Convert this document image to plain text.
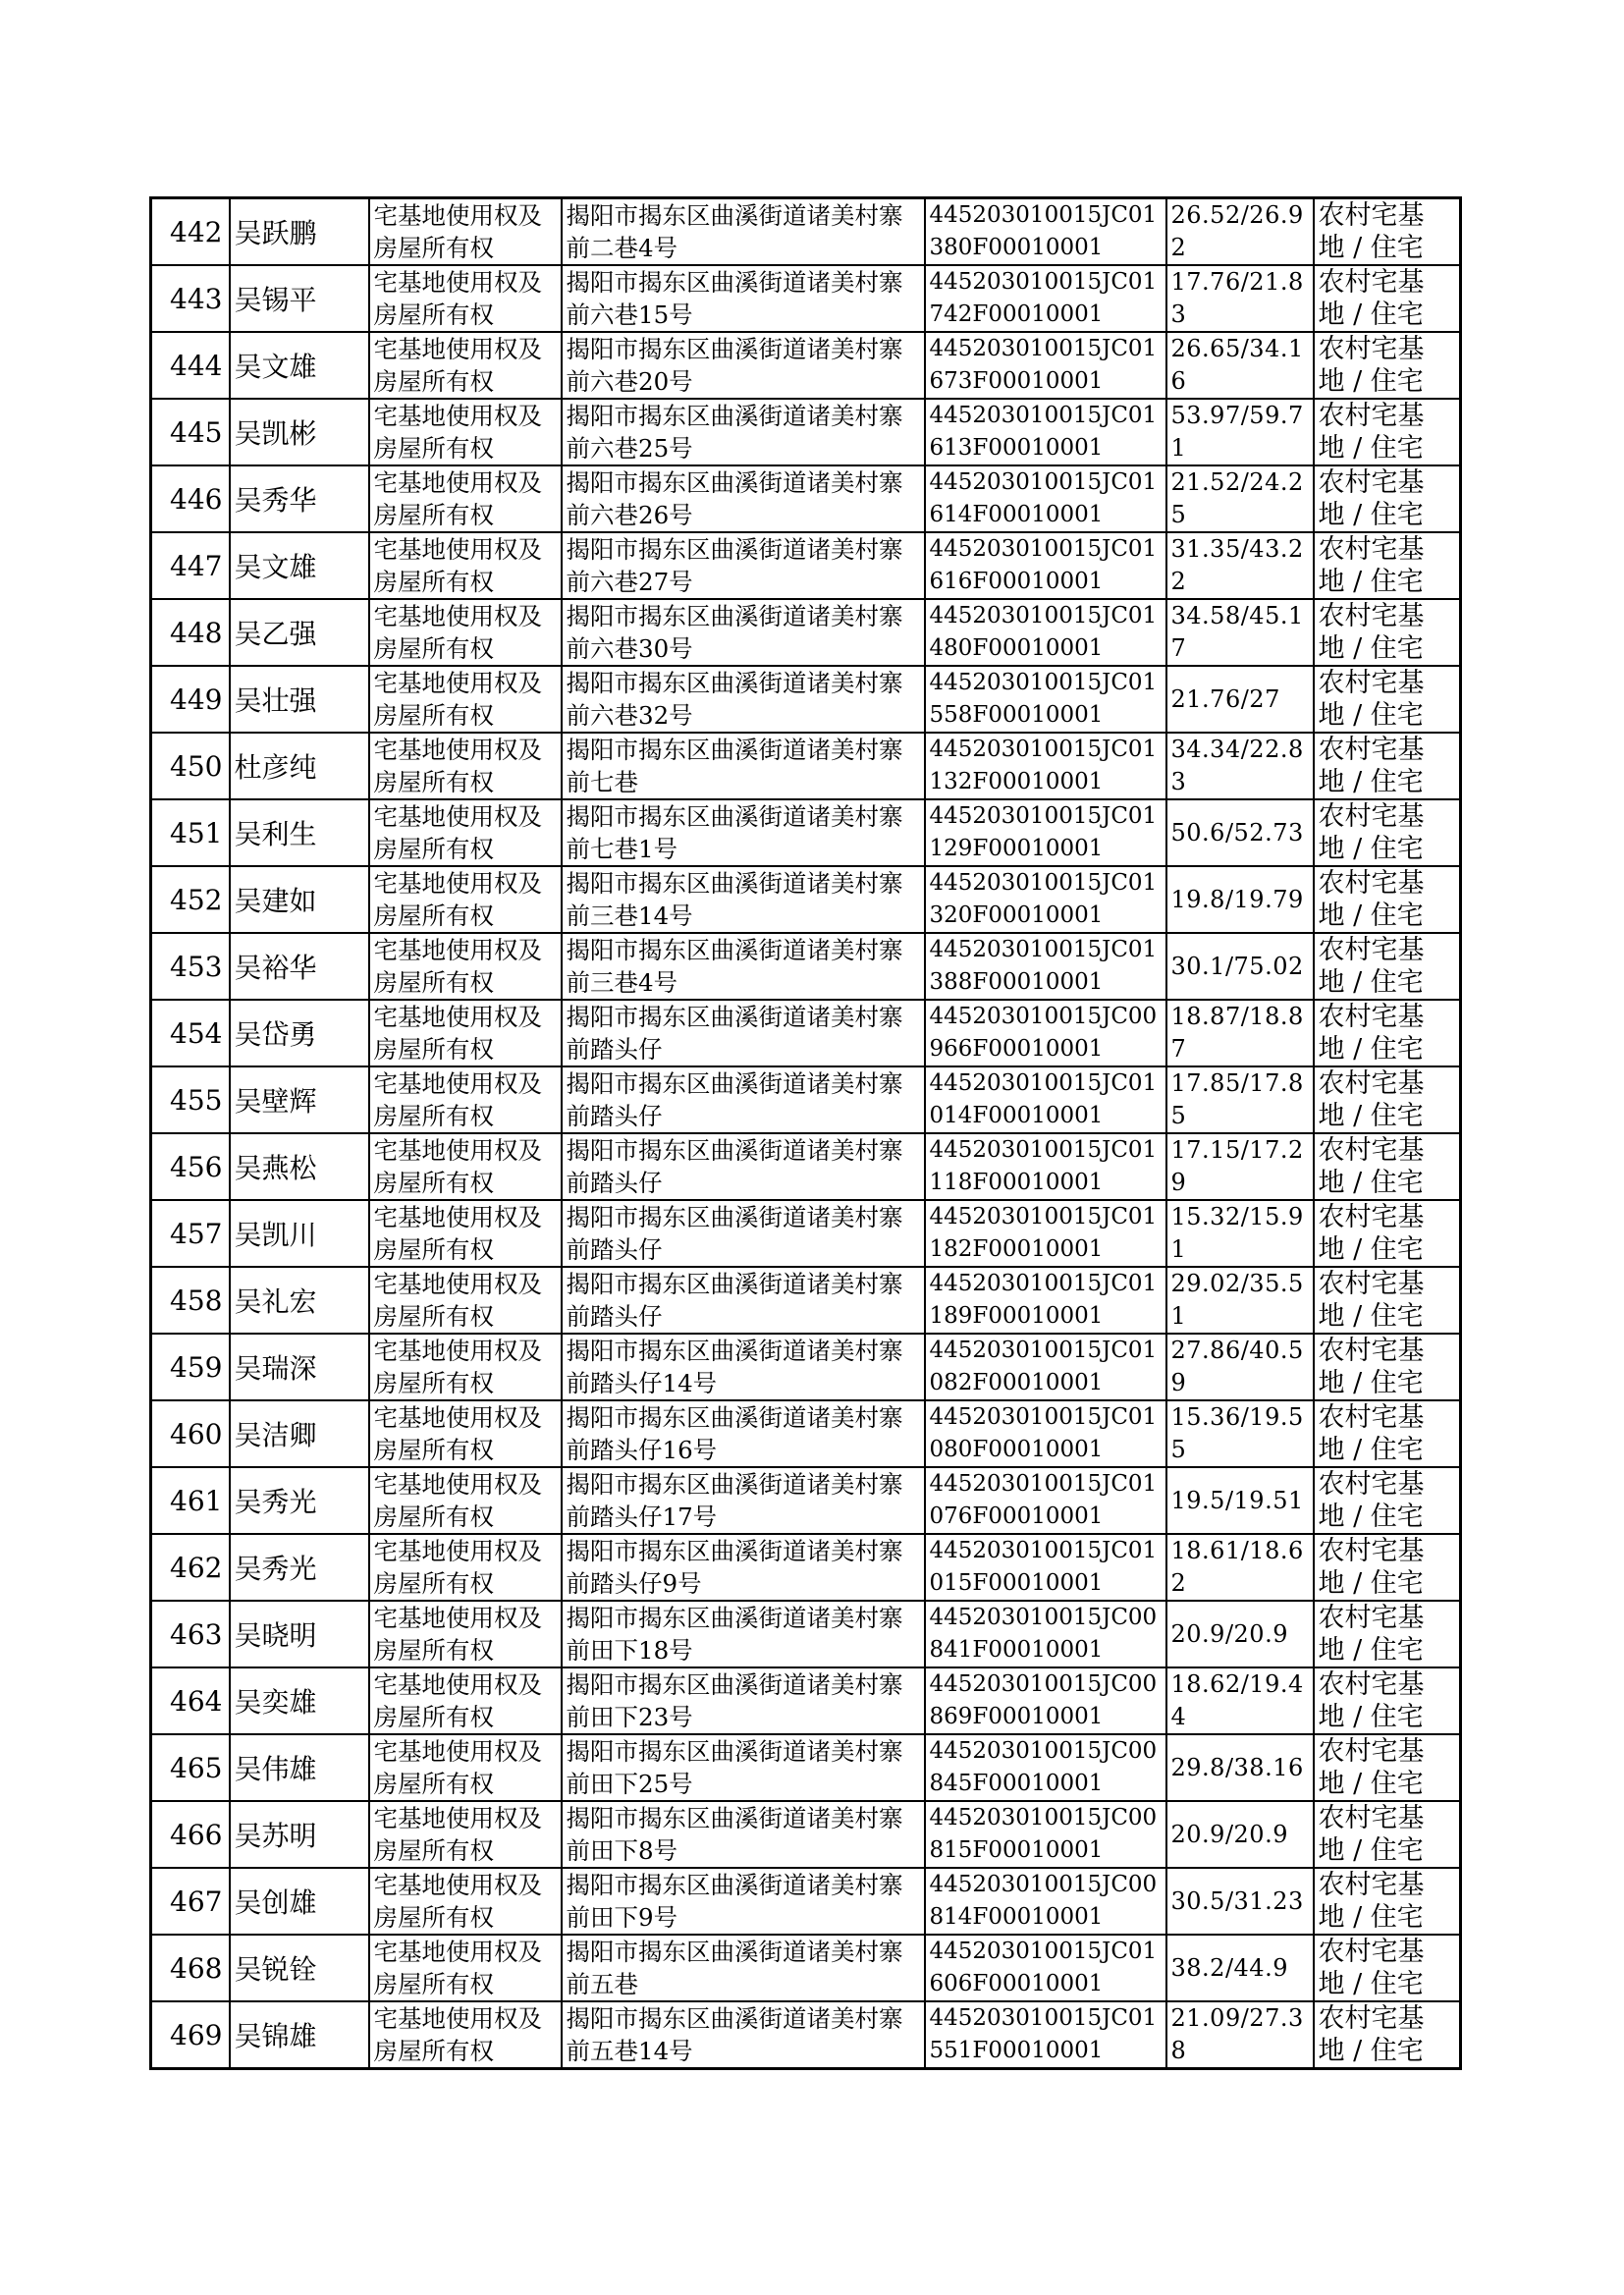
442	吴跃鹏	宅基地使用权及房屋所有权	揭阳市揭东区曲溪街道诸美村寨前二巷4号	445203010015JC01380F00010001	26.52/26.92	农村宅基
地 / 住宅

443	吴锡平	宅基地使用权及房屋所有权	揭阳市揭东区曲溪街道诸美村寨前六巷15号	445203010015JC01742F00010001	17.76/21.83	农村宅基
地 / 住宅

444	吴文雄	宅基地使用权及房屋所有权	揭阳市揭东区曲溪街道诸美村寨前六巷20号	445203010015JC01673F00010001	26.65/34.16	农村宅基
地 / 住宅

445	吴凯彬	宅基地使用权及房屋所有权	揭阳市揭东区曲溪街道诸美村寨前六巷25号	445203010015JC01613F00010001	53.97/59.71	农村宅基
地 / 住宅

446	吴秀华	宅基地使用权及房屋所有权	揭阳市揭东区曲溪街道诸美村寨前六巷26号	445203010015JC01614F00010001	21.52/24.25	农村宅基
地 / 住宅

447	吴文雄	宅基地使用权及房屋所有权	揭阳市揭东区曲溪街道诸美村寨前六巷27号	445203010015JC01616F00010001	31.35/43.22	农村宅基
地 / 住宅

448	吴乙强	宅基地使用权及房屋所有权	揭阳市揭东区曲溪街道诸美村寨前六巷30号	445203010015JC01480F00010001	34.58/45.17	农村宅基
地 / 住宅

449	吴壮强	宅基地使用权及房屋所有权	揭阳市揭东区曲溪街道诸美村寨前六巷32号	445203010015JC01558F00010001	21.76/27	农村宅基
地 / 住宅

450	杜彦纯	宅基地使用权及房屋所有权	揭阳市揭东区曲溪街道诸美村寨前七巷	445203010015JC01132F00010001	34.34/22.83	农村宅基
地 / 住宅

451	吴利生	宅基地使用权及房屋所有权	揭阳市揭东区曲溪街道诸美村寨前七巷1号	445203010015JC01129F00010001	50.6/52.73	农村宅基
地 / 住宅

452	吴建如	宅基地使用权及房屋所有权	揭阳市揭东区曲溪街道诸美村寨前三巷14号	445203010015JC01320F00010001	19.8/19.79	农村宅基
地 / 住宅

453	吴裕华	宅基地使用权及房屋所有权	揭阳市揭东区曲溪街道诸美村寨前三巷4号	445203010015JC01388F00010001	30.1/75.02	农村宅基
地 / 住宅

454	吴岱勇	宅基地使用权及房屋所有权	揭阳市揭东区曲溪街道诸美村寨前踏头仔	445203010015JC00966F00010001	18.87/18.87	农村宅基
地 / 住宅

455	吴壁辉	宅基地使用权及房屋所有权	揭阳市揭东区曲溪街道诸美村寨前踏头仔	445203010015JC01014F00010001	17.85/17.85	农村宅基
地 / 住宅

456	吴燕松	宅基地使用权及房屋所有权	揭阳市揭东区曲溪街道诸美村寨前踏头仔	445203010015JC01118F00010001	17.15/17.29	农村宅基
地 / 住宅

457	吴凯川	宅基地使用权及房屋所有权	揭阳市揭东区曲溪街道诸美村寨前踏头仔	445203010015JC01182F00010001	15.32/15.91	农村宅基
地 / 住宅

458	吴礼宏	宅基地使用权及房屋所有权	揭阳市揭东区曲溪街道诸美村寨前踏头仔	445203010015JC01189F00010001	29.02/35.51	农村宅基
地 / 住宅

459	吴瑞深	宅基地使用权及房屋所有权	揭阳市揭东区曲溪街道诸美村寨前踏头仔14号	445203010015JC01082F00010001	27.86/40.59	农村宅基
地 / 住宅

460	吴洁卿	宅基地使用权及房屋所有权	揭阳市揭东区曲溪街道诸美村寨前踏头仔16号	445203010015JC01080F00010001	15.36/19.55	农村宅基
地 / 住宅

461	吴秀光	宅基地使用权及房屋所有权	揭阳市揭东区曲溪街道诸美村寨前踏头仔17号	445203010015JC01076F00010001	19.5/19.51	农村宅基
地 / 住宅

462	吴秀光	宅基地使用权及房屋所有权	揭阳市揭东区曲溪街道诸美村寨前踏头仔9号	445203010015JC01015F00010001	18.61/18.62	农村宅基
地 / 住宅

463	吴晓明	宅基地使用权及房屋所有权	揭阳市揭东区曲溪街道诸美村寨前田下18号	445203010015JC00841F00010001	20.9/20.9	农村宅基
地 / 住宅

464	吴奕雄	宅基地使用权及房屋所有权	揭阳市揭东区曲溪街道诸美村寨前田下23号	445203010015JC00869F00010001	18.62/19.44	农村宅基
地 / 住宅

465	吴伟雄	宅基地使用权及房屋所有权	揭阳市揭东区曲溪街道诸美村寨前田下25号	445203010015JC00845F00010001	29.8/38.16	农村宅基
地 / 住宅

466	吴苏明	宅基地使用权及房屋所有权	揭阳市揭东区曲溪街道诸美村寨前田下8号	445203010015JC00815F00010001	20.9/20.9	农村宅基
地 / 住宅

467	吴创雄	宅基地使用权及房屋所有权	揭阳市揭东区曲溪街道诸美村寨前田下9号	445203010015JC00814F00010001	30.5/31.23	农村宅基
地 / 住宅

468	吴锐铨	宅基地使用权及房屋所有权	揭阳市揭东区曲溪街道诸美村寨前五巷	445203010015JC01606F00010001	38.2/44.9	农村宅基
地 / 住宅

469	吴锦雄	宅基地使用权及房屋所有权	揭阳市揭东区曲溪街道诸美村寨前五巷14号	445203010015JC01551F00010001	21.09/27.38	农村宅基
地 / 住宅
